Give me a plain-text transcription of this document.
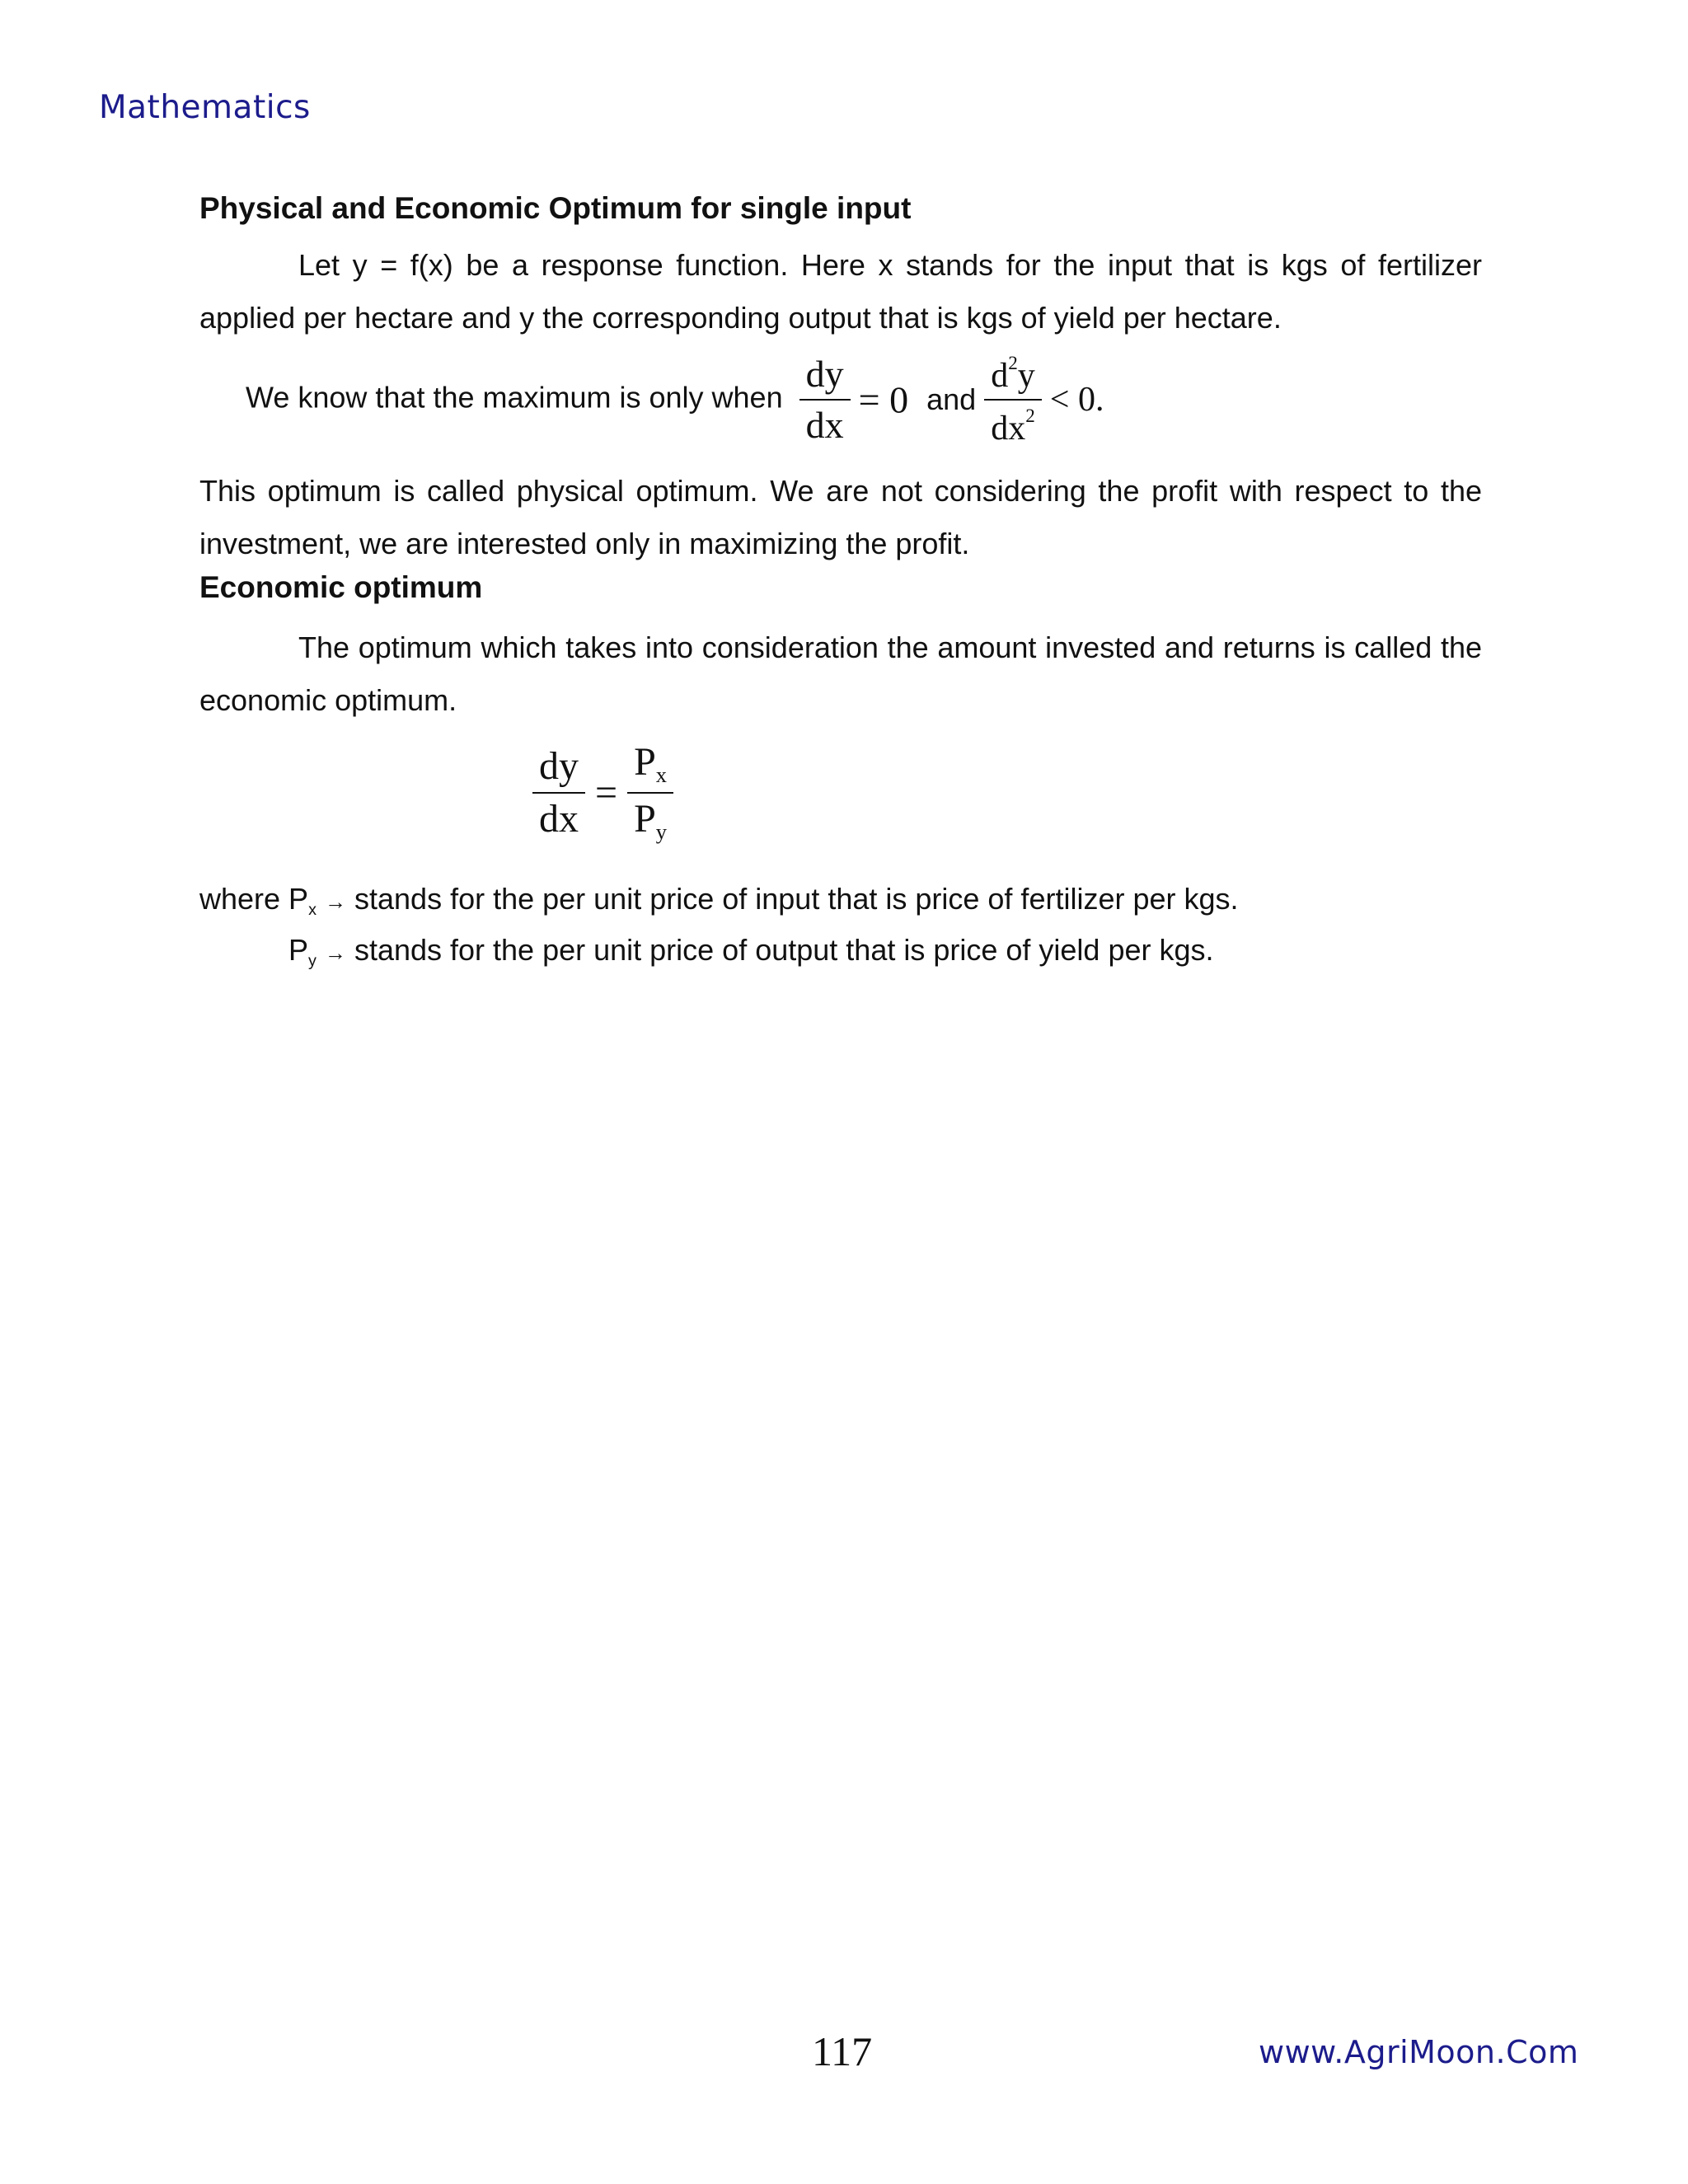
Mathematics
Physical and Economic Optimum for single input
Let y = f(x) be a response function. Here x stands for the input that is kgs of fertilizer applied per hectare and y the corresponding output that is kgs of yield per hectare.
We know that the maximum is only when $\frac{dy}{dx} = 0$ and $\frac{d^2y}{dx^2} < 0$.
This optimum is called physical optimum. We are not considering the profit with respect to the investment, we are interested only in maximizing the profit.
Economic optimum
The optimum which takes into consideration the amount invested and returns is called the economic optimum.
$\frac{dy}{dx} = \frac{Px}{Py}$
where Px → stands for the per unit price of input that is price of fertilizer per kgs.
Py → stands for the per unit price of output that is price of yield per kgs.
117	www.AgriMoon.Com
